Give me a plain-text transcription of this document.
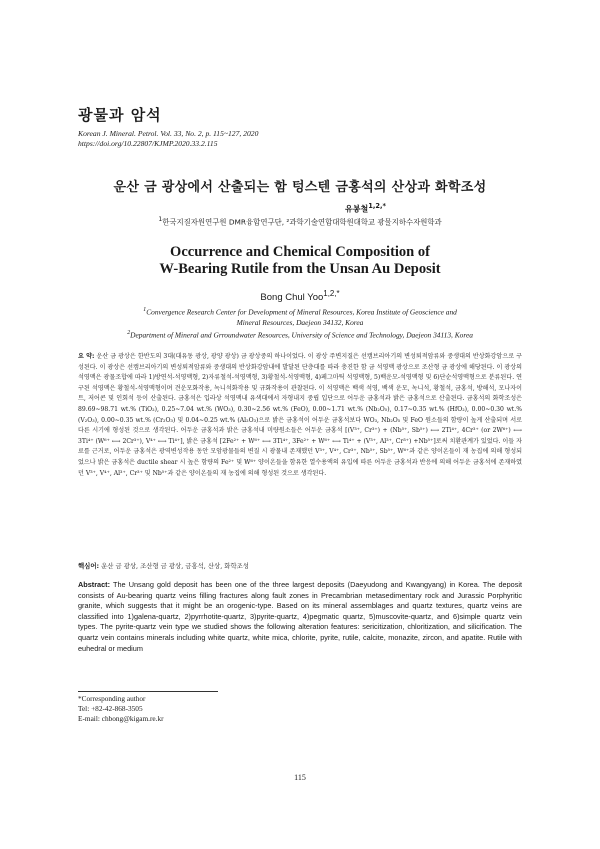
광물과 암석
Korean J. Mineral. Petrol. Vol. 33, No. 2, p. 115~127, 2020
https://doi.org/10.22807/KJMP.2020.33.2.115
운산 금 광상에서 산출되는 함 텅스텐 금홍석의 산상과 화학조성
유봉철$^{1,2,*}$
$^1$한국지질자원연구원 DMR융합연구단, ²과학기술연합대학원대학교 광물지하수자원학과
Occurrence and Chemical Composition of
W-Bearing Rutile from the Unsan Au Deposit
Bong Chul Yoo$^{1,2,*}$
$^1$Convergence Research Center for Development of Mineral Resources, Korea Institute of Geoscience and
Mineral Resources, Daejeon 34132, Korea
$^2$Department of Mineral and Grroundwater Resources, University of Science and Technology, Daejeon 34113, Korea
요 약: 운산 금 광상은 한반도의 3대(대유동 광상, 광양 광상) 금 광상중의 하나이었다. 이 광상 주변지질은 선캠브리아기의 변성퇴적암류와 중생대의 반상화강암으로 구성된다. 이 광상은 선캠브리아기의 변성퇴적암류와 중생대의 반상화강암내에 발달된 단층대를 따라 충진한 함 금 석영맥 광상으로 조산형 금 광상에 해당된다. 이 광상의 석영맥은 광물조합에 따라 1)방연석-석영맥형, 2)자류철석-석영맥형, 3)황철석-석영맥형, 4)페그마틱 석영맥형, 5)백운모-석영맥형 및 6)단순석영맥형으로 분류된다. 연구된 석영맥은 황철석-석영맥형이며 견운모화작용, 녹니석화작용 및 규화작용이 관찰된다. 이 석영맥은 백색 석영, 백색 운모, 녹니석, 황철석, 금홍석, 방해석, 모나자이트, 저어콘 및 인회석 등이 산출된다. 금홍석은 입라상 석영맥내 유색대에서 자형내지 중립 입단으로 어두운 금홍석과 밝은 금홍석으로 산출된다. 금홍석의 화학조성은 89.69~98.71 wt.% (TiO₂), 0.25~7.04 wt.% (WO₃), 0.30~2.56 wt.% (FeO), 0.00~1.71 wt.% (Nb₂O₅), 0.17~0.35 wt.% (HfO₂), 0.00~0.30 wt.% (V₂O₃), 0.00~0.35 wt.% (Cr₂O₃) 및 0.04~0.25 wt.% (Al₂O₃)으로 밝은 금홍석이 어두운 금홍석보다 WO₃, Nb₂O₅ 및 FeO 원소들의 함량이 높게 산출되며 서로 다른 시기에 형성된 것으로 생각된다. 어두운 금홍석과 밝은 금홍석내 미량원소들은 어두운 금홍석 [(V³⁺, Cr³⁺) + (Nb⁵⁺, Sb⁵⁺) ⟷ 2Ti⁴⁺, 4Cr³⁺ (or 2W⁶⁺) ⟷ 3Ti⁴⁺ (W⁶⁺ ⟷ 2Cr³⁺), V⁴⁺ ⟷ Ti⁴⁺], 밝은 금홍석 [2Fe²⁺ + W⁶⁺ ⟷ 3Ti⁴⁺, 3Fe²⁺ + W⁶⁺ ⟷ Ti⁴⁺ + (V³⁺, Al³⁺, Cr³⁺) +Nb⁵⁺]로써 치환관계가 있었다. 이들 자료를 근거로, 어두운 금홍석은 광역변성작용 동안 모암광물들의 변질 시 광물내 존재했던 V³⁺, V⁴⁺, Cr³⁺, Nb⁵⁺, Sb⁵⁺, W⁶⁺과 같은 양이온들이 재 농집에 의해 형성되었으나 밝은 금홍석은 ductile shear 시 높은 함량의 Fe²⁺ 및 W⁶⁺ 양이온들을 함유한 열수용액의 유입에 따른 어두운 금홍석과 반응에 의해 어두운 금홍석에 존재하였던 V³⁺, V⁴⁺, Al³⁺, Cr³⁺ 및 Nb⁵⁺과 같은 양이온들의 재 농집에 의해 형성된 것으로 생각된다.
핵심어: 운산 금 광상, 조산형 금 광상, 금홍석, 산상, 화학조성
Abstract: The Unsang gold deposit has been one of the three largest deposits (Daeyudong and Kwangyang) in Korea. The deposit consists of Au-bearing quartz veins filling fractures along fault zones in Precambrian metasedimentary rock and Jurassic Porphyritic granite, which suggests that it might be an orogenic-type. Based on its mineral assemblages and quartz textures, quartz veins are classified into 1)galena-quartz, 2)pyrrhotite-quartz, 3)pyrite-quartz, 4)pegmatic quartz, 5)muscovite-quartz, and 6)simple quartz vein types. The pyrite-quartz vein type we studied shows the following alteration features: sericitization, chloritization, and silicification. The quartz vein contains minerals including white quartz, white mica, chlorite, pyrite, rutile, calcite, monazite, zircon, and apatite. Rutile with euhedral or medium
*Corresponding author
Tel: +82-42-868-3505
E-mail: chbong@kigam.re.kr
115
